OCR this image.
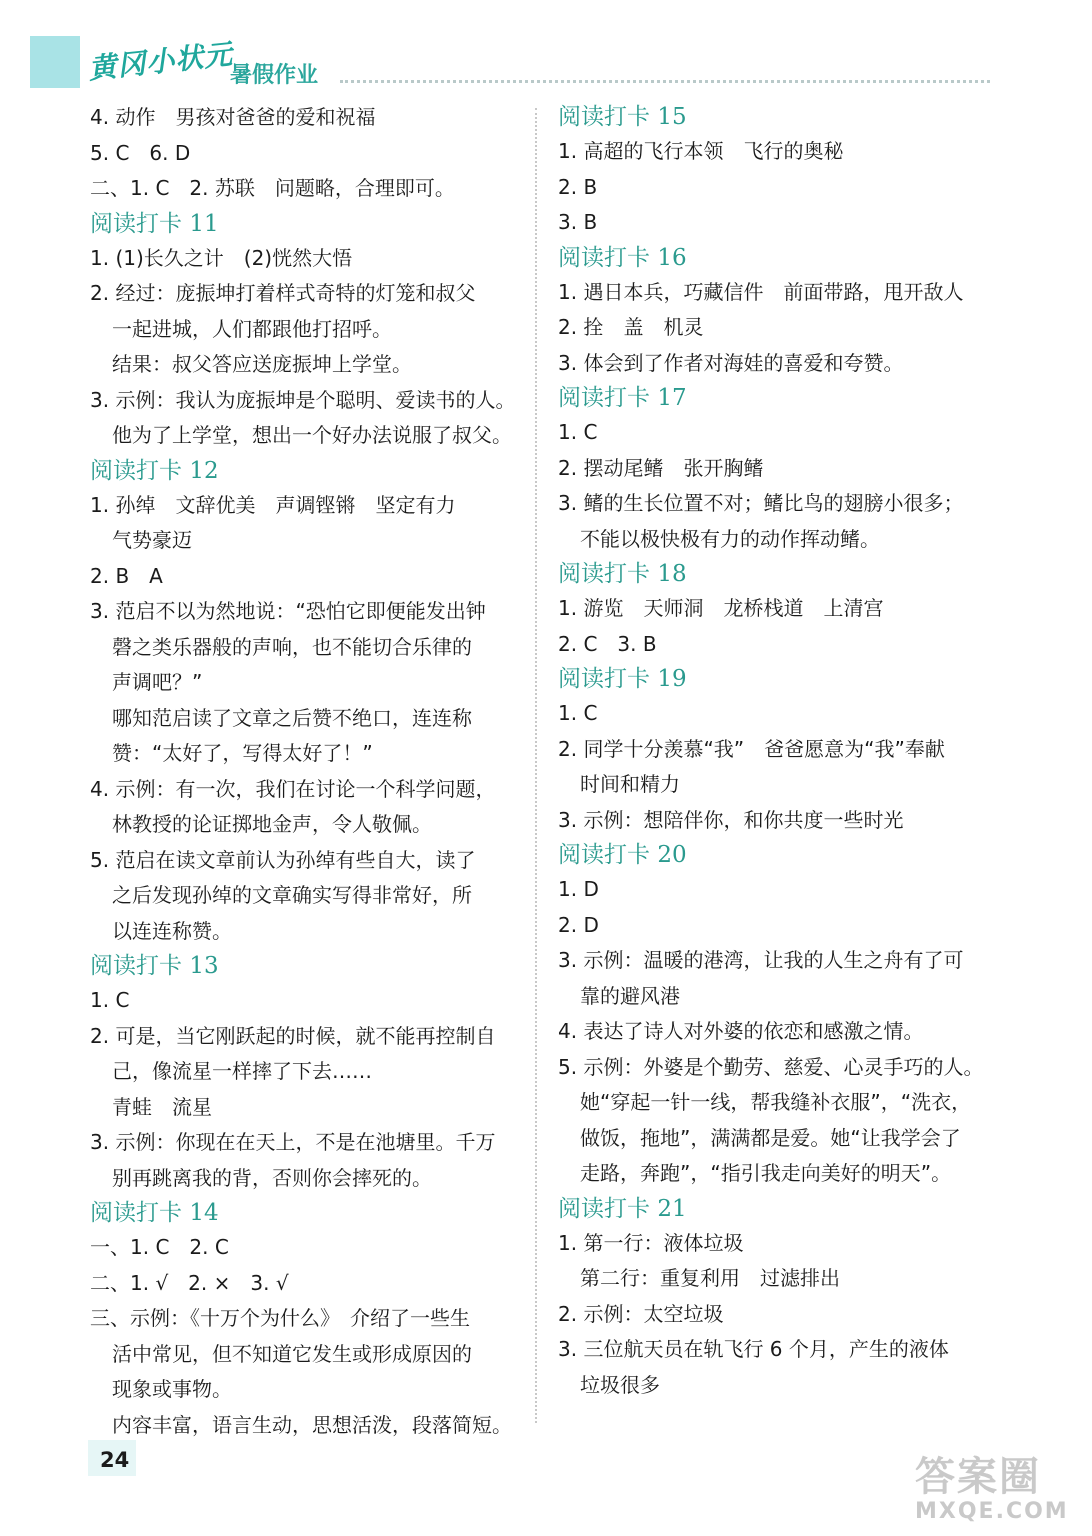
黄冈小状元
暑假作业
4. 动作　男孩对爸爸的爱和祝福
5. C　6. D
二、1. C　2. 苏联　问题略，合理即可。
阅读打卡 11
1. (1)长久之计　(2)恍然大悟
2. 经过：庞振坤打着样式奇特的灯笼和叔父
一起进城，人们都跟他打招呼。
结果：叔父答应送庞振坤上学堂。
3. 示例：我认为庞振坤是个聪明、爱读书的人。
他为了上学堂，想出一个好办法说服了叔父。
阅读打卡 12
1. 孙绰　文辞优美　声调铿锵　坚定有力
气势豪迈
2. B　A
3. 范启不以为然地说：“恐怕它即便能发出钟
磬之类乐器般的声响，也不能切合乐律的
声调吧？”
哪知范启读了文章之后赞不绝口，连连称
赞：“太好了，写得太好了！”
4. 示例：有一次，我们在讨论一个科学问题，
林教授的论证掷地金声，令人敬佩。
5. 范启在读文章前认为孙绰有些自大，读了
之后发现孙绰的文章确实写得非常好，所
以连连称赞。
阅读打卡 13
1. C
2. 可是，当它刚跃起的时候，就不能再控制自
己，像流星一样摔了下去……
青蛙　流星
3. 示例：你现在在天上，不是在池塘里。千万
别再跳离我的背，否则你会摔死的。
阅读打卡 14
一、1. C　2. C
二、1. √　2. ×　3. √
三、示例：《十万个为什么》　介绍了一些生
活中常见，但不知道它发生或形成原因的
现象或事物。
内容丰富，语言生动，思想活泼，段落简短。
阅读打卡 15
1. 高超的飞行本领　飞行的奥秘
2. B
3. B
阅读打卡 16
1. 遇日本兵，巧藏信件　前面带路，甩开敌人
2. 拴　盖　机灵
3. 体会到了作者对海娃的喜爱和夸赞。
阅读打卡 17
1. C
2. 摆动尾鳍　张开胸鳍
3. 鳍的生长位置不对；鳍比鸟的翅膀小很多；
不能以极快极有力的动作挥动鳍。
阅读打卡 18
1. 游览　天师洞　龙桥栈道　上清宫
2. C　3. B
阅读打卡 19
1. C
2. 同学十分羡慕“我”　爸爸愿意为“我”奉献
时间和精力
3. 示例：想陪伴你，和你共度一些时光
阅读打卡 20
1. D
2. D
3. 示例：温暖的港湾，让我的人生之舟有了可
靠的避风港
4. 表达了诗人对外婆的依恋和感激之情。
5. 示例：外婆是个勤劳、慈爱、心灵手巧的人。
她“穿起一针一线，帮我缝补衣服”，“洗衣，
做饭，拖地”，满满都是爱。她“让我学会了
走路，奔跑”，“指引我走向美好的明天”。
阅读打卡 21
1. 第一行：液体垃圾
第二行：重复利用　过滤排出
2. 示例：太空垃圾
3. 三位航天员在轨飞行 6 个月，产生的液体
垃圾很多
24	答案圈
MXQE.COM
